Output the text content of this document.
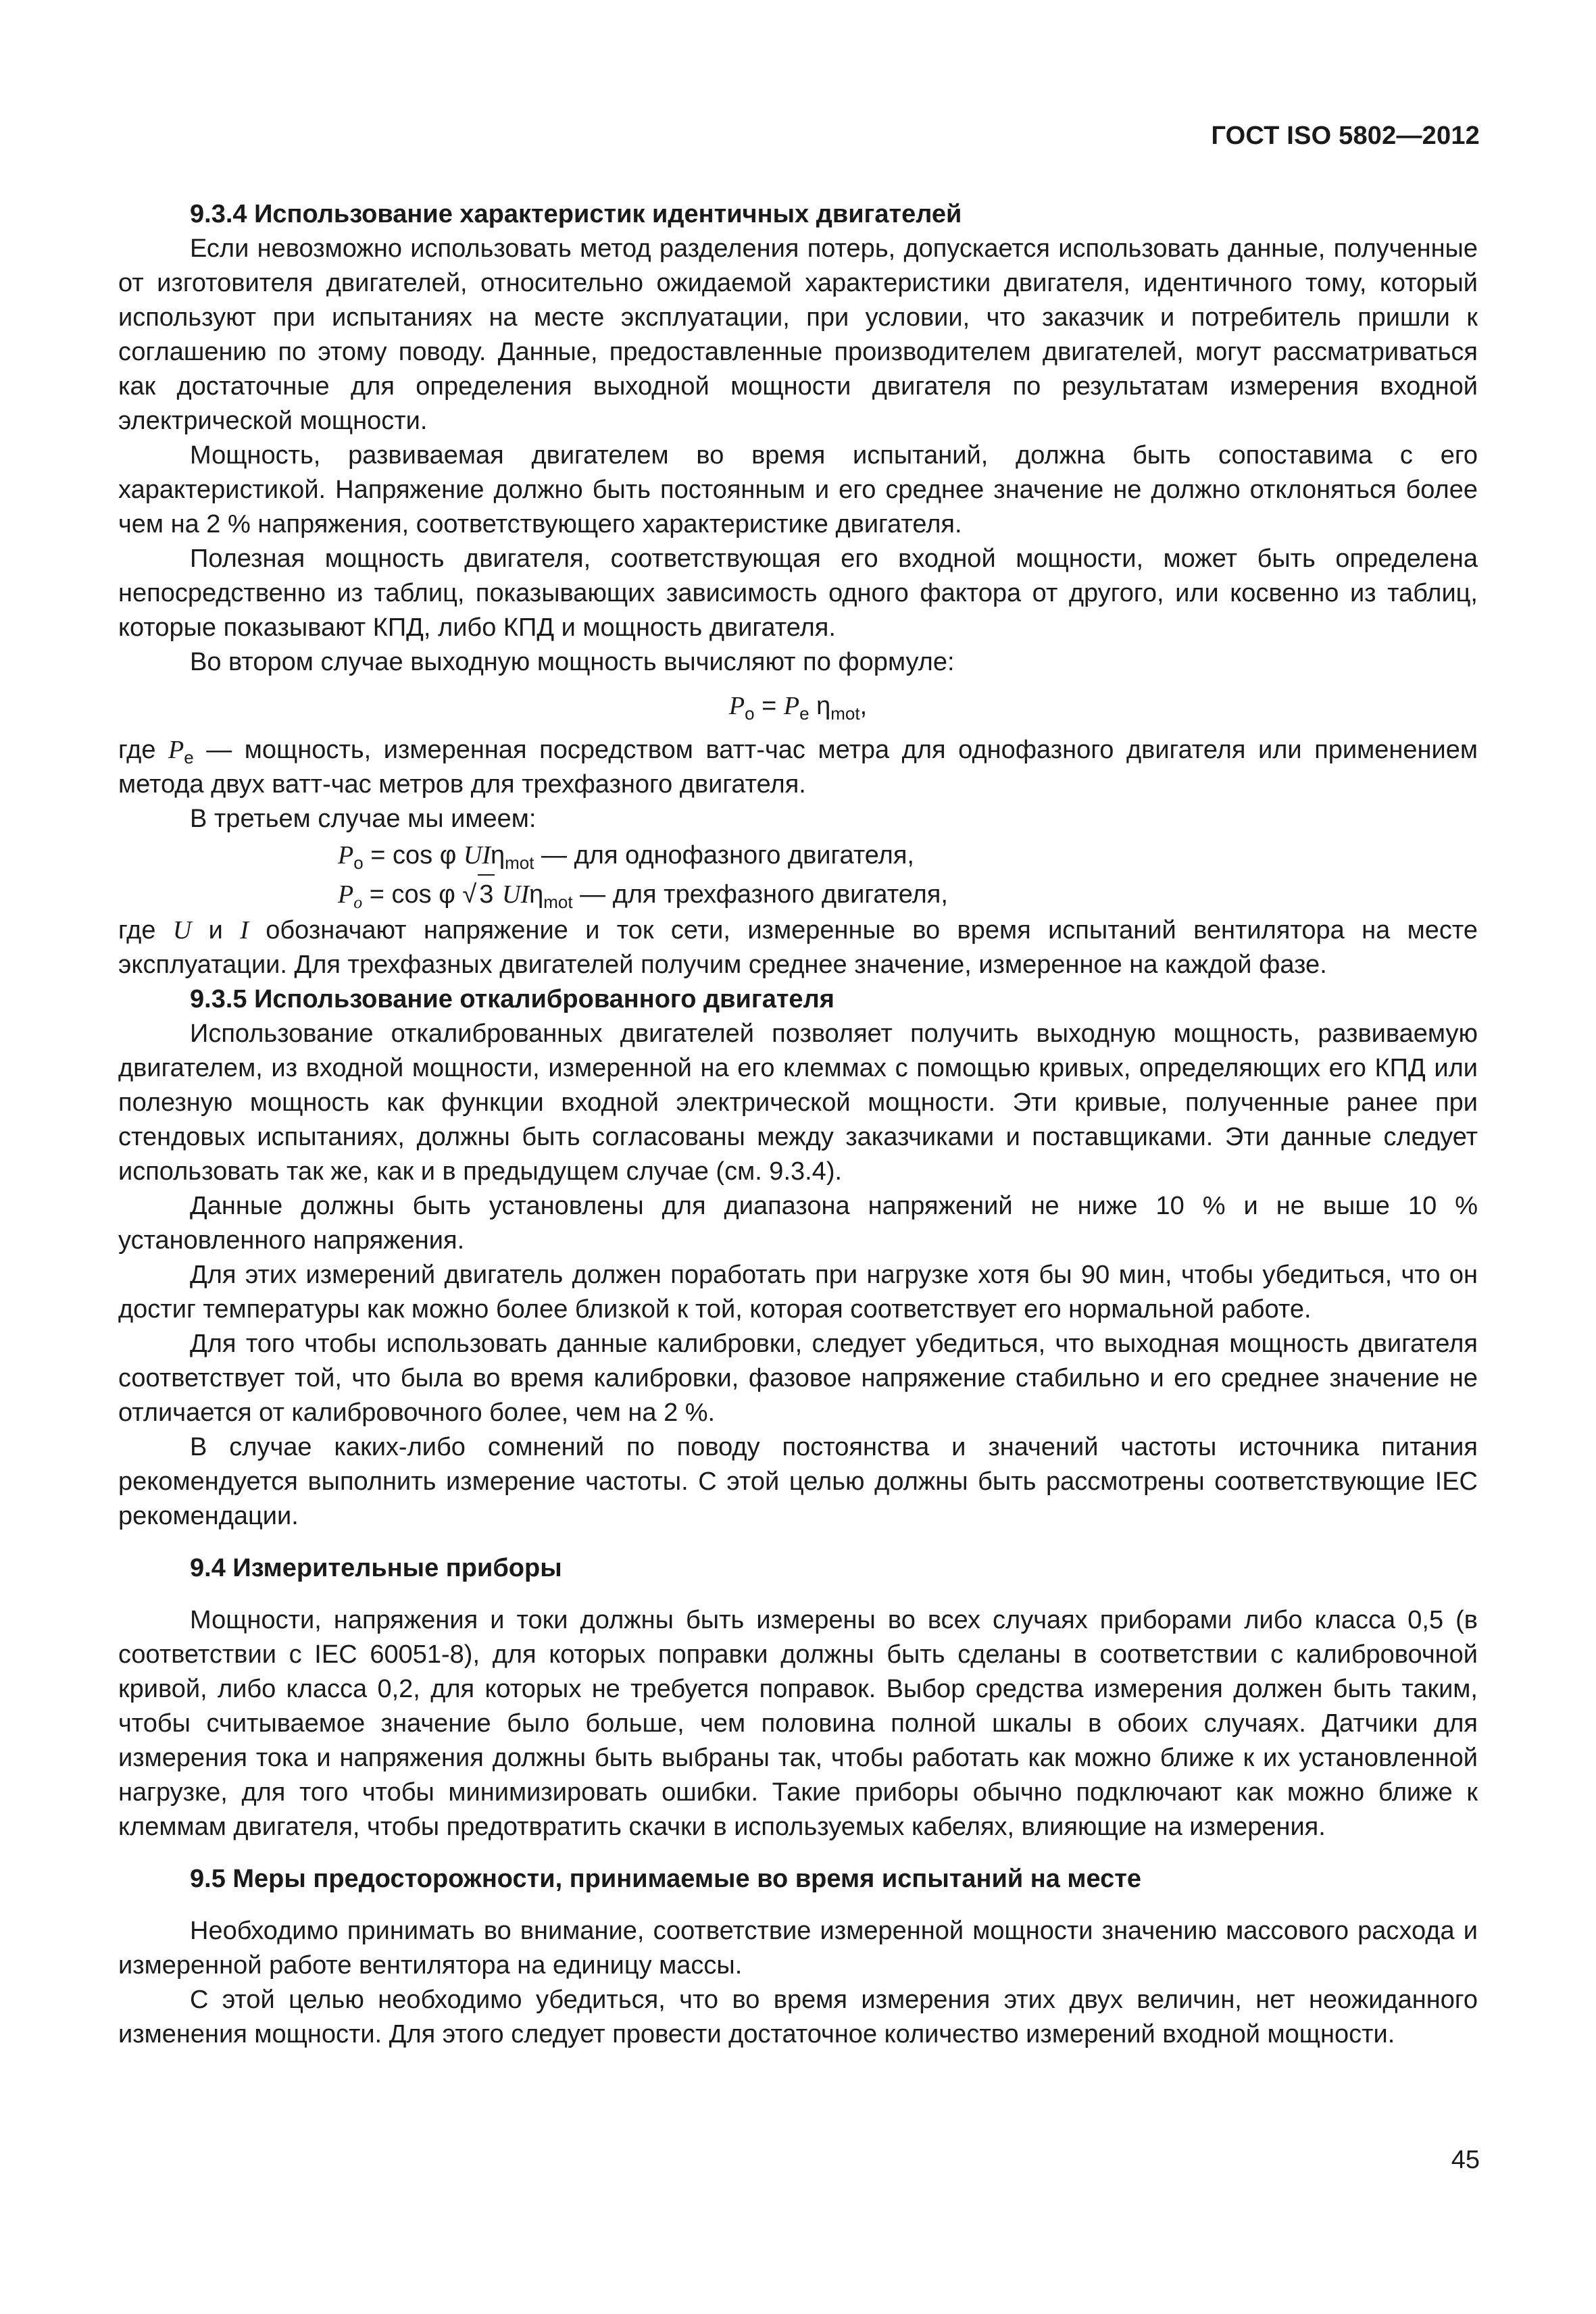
ГОСТ ISO 5802—2012

9.3.4 Использование характеристик идентичных двигателей

Если невозможно использовать метод разделения потерь, допускается использовать данные, полученные от изготовителя двигателей, относительно ожидаемой характеристики двигателя, идентичного тому, который используют при испытаниях на месте эксплуатации, при условии, что заказчик и потребитель пришли к соглашению по этому поводу. Данные, предоставленные производителем двигателей, могут рассматриваться как достаточные для определения выходной мощности двигателя по результатам измерения входной электрической мощности.

Мощность, развиваемая двигателем во время испытаний, должна быть сопоставима с его характеристикой. Напряжение должно быть постоянным и его среднее значение не должно отклоняться более чем на 2 % напряжения, соответствующего характеристике двигателя.

Полезная мощность двигателя, соответствующая его входной мощности, может быть определена непосредственно из таблиц, показывающих зависимость одного фактора от другого, или косвенно из таблиц, которые показывают КПД, либо КПД и мощность двигателя.

Во втором случае выходную мощность вычисляют по формуле:

$P_o = P_e$ $\eta_{mot}$,

где $P_e$ — мощность, измеренная посредством ватт-час метра для однофазного двигателя или применением метода двух ватт-час метров для трехфазного двигателя.

В третьем случае мы имеем:

$P_o = \cos \varphi$ UIη$_{mot}$ — для однофазного двигателя,
$P_o = \cos \varphi$ √ 3 UIη$_{mot}$ — для трехфазного двигателя,

где U и I обозначают напряжение и ток сети, измеренные во время испытаний вентилятора на месте эксплуатации. Для трехфазных двигателей получим среднее значение, измеренное на каждой фазе.

9.3.5 Использование откалиброванного двигателя

Использование откалиброванных двигателей позволяет получить выходную мощность, развиваемую двигателем, из входной мощности, измеренной на его клеммах с помощью кривых, определяющих его КПД или полезную мощность как функции входной электрической мощности. Эти кривые, полученные ранее при стендовых испытаниях, должны быть согласованы между заказчиками и поставщиками. Эти данные следует использовать так же, как и в предыдущем случае (см. 9.3.4).

Данные должны быть установлены для диапазона напряжений не ниже 10 % и не выше 10 % установленного напряжения.

Для этих измерений двигатель должен поработать при нагрузке хотя бы 90 мин, чтобы убедиться, что он достиг температуры как можно более близкой к той, которая соответствует его нормальной работе.

Для того чтобы использовать данные калибровки, следует убедиться, что выходная мощность двигателя соответствует той, что была во время калибровки, фазовое напряжение стабильно и его среднее значение не отличается от калибровочного более, чем на 2 %.

В случае каких-либо сомнений по поводу постоянства и значений частоты источника питания рекомендуется выполнить измерение частоты. С этой целью должны быть рассмотрены соответствующие IEC рекомендации.

9.4 Измерительные приборы

Мощности, напряжения и токи должны быть измерены во всех случаях приборами либо класса 0,5 (в соответствии с IEC 60051-8), для которых поправки должны быть сделаны в соответствии с калибровочной кривой, либо класса 0,2, для которых не требуется поправок. Выбор средства измерения должен быть таким, чтобы считываемое значение было больше, чем половина полной шкалы в обоих случаях. Датчики для измерения тока и напряжения должны быть выбраны так, чтобы работать как можно ближе к их установленной нагрузке, для того чтобы минимизировать ошибки. Такие приборы обычно подключают как можно ближе к клеммам двигателя, чтобы предотвратить скачки в используемых кабелях, влияющие на измерения.

9.5 Меры предосторожности, принимаемые во время испытаний на месте

Необходимо принимать во внимание, соответствие измеренной мощности значению массового расхода и измеренной работе вентилятора на единицу массы.

С этой целью необходимо убедиться, что во время измерения этих двух величин, нет неожиданного изменения мощности. Для этого следует провести достаточное количество измерений входной мощности.

45
